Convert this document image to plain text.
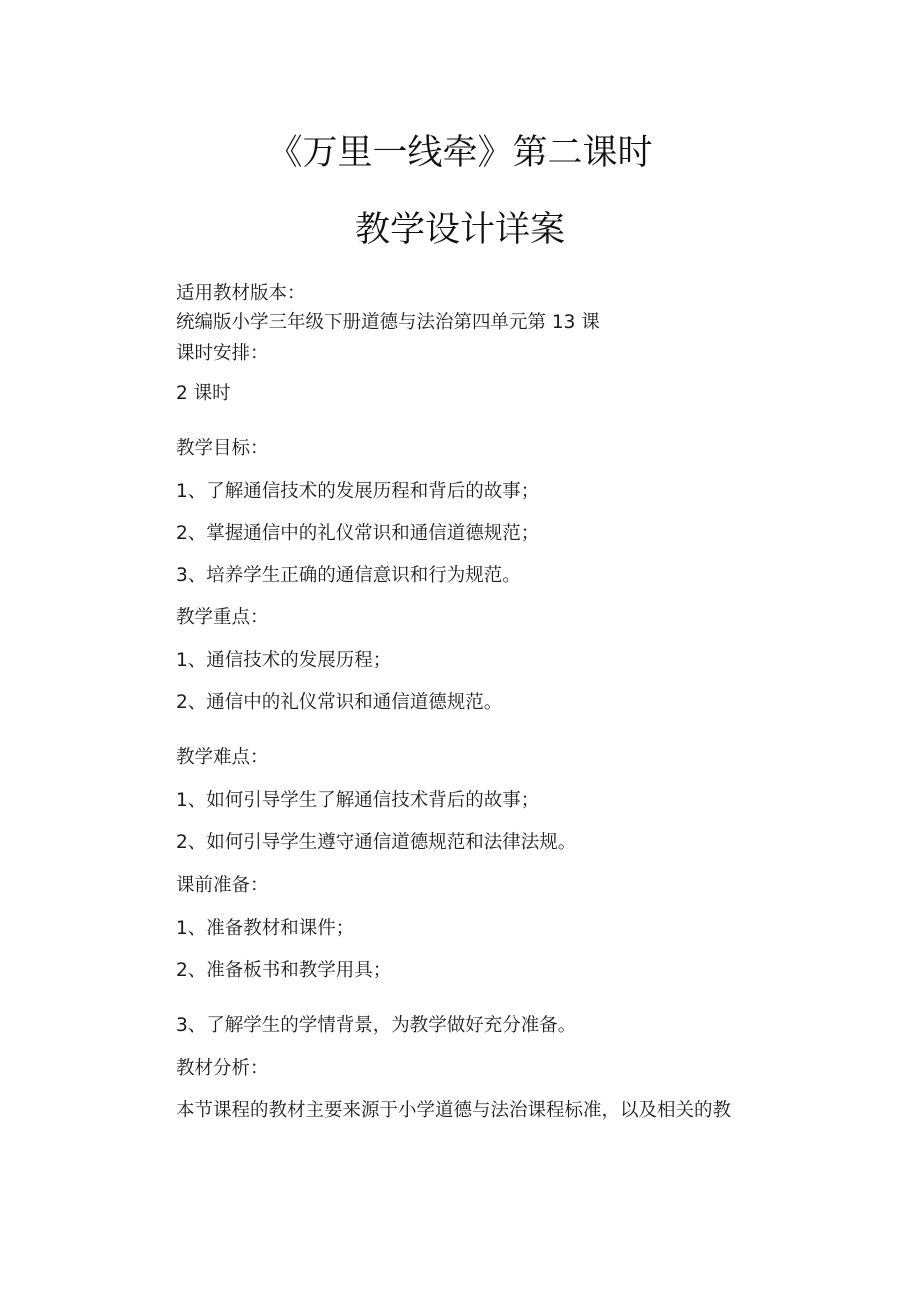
《万里一线牵》第二课时
教学设计详案
适用教材版本：
统编版小学三年级下册道德与法治第四单元第 13 课
课时安排：
2 课时
教学目标：
1、了解通信技术的发展历程和背后的故事；
2、掌握通信中的礼仪常识和通信道德规范；
3、培养学生正确的通信意识和行为规范。
教学重点：
1、通信技术的发展历程；
2、通信中的礼仪常识和通信道德规范。
教学难点：
1、如何引导学生了解通信技术背后的故事；
2、如何引导学生遵守通信道德规范和法律法规。
课前准备：
1、准备教材和课件；
2、准备板书和教学用具；
3、了解学生的学情背景，为教学做好充分准备。
教材分析：
本节课程的教材主要来源于小学道德与法治课程标准，以及相关的教
